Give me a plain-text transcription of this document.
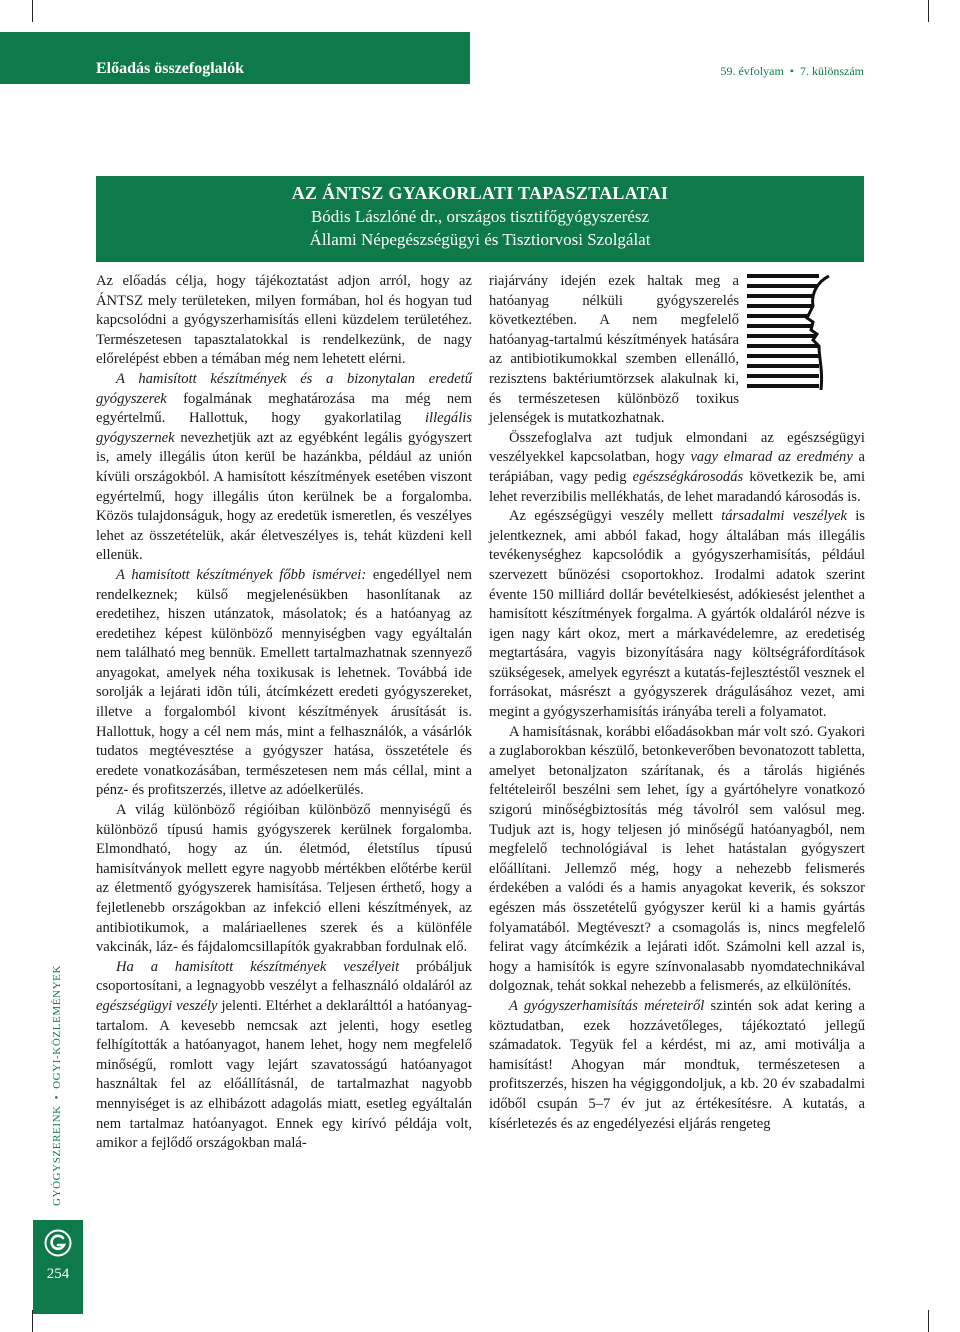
Előadás összefoglalók	59. évfolyam • 7. különszám
AZ ÁNTSZ GYAKORLATI TAPASZTALATAI
Bódis Lászlóné dr., országos tisztifőgyógyszerész
Állami Népegészségügyi és Tisztiorvosi Szolgálat

Az előadás célja, hogy tájékoztatást adjon arról, hogy az ÁNTSZ mely területeken, milyen formában, hol és hogyan tud kapcsolódni a gyógyszerhamisítás elleni küzdelem területéhez. Természetesen tapasztalatokkal is rendelkezünk, de nagy előrelépést ebben a témában még nem lehetett elérni.

A hamisított készítmények és a bizonytalan eredetű gyógyszerek fogalmának meghatározása ma még nem egyértelmű. Hallottuk, hogy gyakorlatilag illegális gyógyszernek nevezhetjük azt az egyébként legális gyógyszert is, amely illegális úton kerül be hazánkba, például az unión kívüli országokból. A hamisított készítmények esetében viszont egyértelmű, hogy illegális úton kerülnek be a forgalomba. Közös tulajdonságuk, hogy az eredetük ismeretlen, és veszélyes lehet az összetételük, akár életveszélyes is, tehát küzdeni kell ellenük.

A hamisított készítmények főbb ismérvei: engedéllyel nem rendelkeznek; külső megjelenésükben hasonlítanak az eredetihez, hiszen utánzatok, másolatok; és a hatóanyag az eredetihez képest különböző mennyiségben vagy egyáltalán nem található meg bennük. Emellett tartalmazhatnak szennyező anyagokat, amelyek néha toxikusak is lehetnek. Továbbá ide sorolják a lejárati idõn túli, átcímkézett eredeti gyógyszereket, illetve a forgalomból kivont készítmények árusítását is. Hallottuk, hogy a cél nem más, mint a felhasználók, a vásárlók tudatos megtévesztése a gyógyszer hatása, összetétele és eredete vonatkozásában, természetesen nem más céllal, mint a pénz- és profitszerzés, illetve az adóelkerülés.

A világ különböző régióiban különböző mennyiségű és különböző típusú hamis gyógyszerek kerülnek forgalomba. Elmondható, hogy az ún. életmód, életstílus típusú hamisítványok mellett egyre nagyobb mértékben előtérbe kerül az életmentő gyógyszerek hamisítása. Teljesen érthető, hogy a fejletlenebb országokban az infekció elleni készítmények, az antibiotikumok, a maláriaellenes szerek és a különféle vakcinák, láz- és fájdalomcsillapítók gyakrabban fordulnak elő.

Ha a hamisított készítmények veszélyeit próbáljuk csoportosítani, a legnagyobb veszélyt a felhasználó oldaláról az egészségügyi veszély jelenti. Eltérhet a deklarálttól a hatóanyag-tartalom. A kevesebb nemcsak azt jelenti, hogy esetleg felhígították a hatóanyagot, hanem lehet, hogy nem megfelelő minőségű, romlott vagy lejárt szavatosságú hatóanyagot használtak fel az előállításnál, de tartalmazhat nagyobb mennyiséget is az elhibázott adagolás miatt, esetleg egyáltalán nem tartalmaz hatóanyagot. Ennek egy kirívó példája volt, amikor a fejlődő országokban malá-

riajárvány idején ezek haltak meg a hatóanyag nélküli gyógyszerelés következtében. A nem megfelelő hatóanyag-tartalmú készítmények hatására az antibiotikumokkal szemben ellenálló, rezisztens baktériumtörzsek alakulnak ki, és természetesen különböző toxikus jelenségek is mutatkozhatnak.

Összefoglalva azt tudjuk elmondani az egészségügyi veszélyekkel kapcsolatban, hogy vagy elmarad az eredmény a terápiában, vagy pedig egészségkárosodás következik be, ami lehet reverzibilis mellékhatás, de lehet maradandó károsodás is.

Az egészségügyi veszély mellett társadalmi veszélyek is jelentkeznek, ami abból fakad, hogy általában más illegális tevékenységhez kapcsolódik a gyógyszerhamisítás, például szervezett bűnözési csoportokhoz. Irodalmi adatok szerint évente 150 milliárd dollár bevételkiesést, adókiesést jelenthet a hamisított készítmények forgalma. A gyártók oldaláról nézve is igen nagy kárt okoz, mert a márkavédelemre, az eredetiség megtartására, vagyis bizonyítására nagy költségráfordítások szükségesek, amelyek egyrészt a kutatás-fejlesztéstől vesznek el forrásokat, másrészt a gyógyszerek drágulásához vezet, ami megint a gyógyszerhamisítás irányába tereli a folyamatot.

A hamisításnak, korábbi előadásokban már volt szó. Gyakori a zuglaborokban készülő, betonkeverőben bevonatozott tabletta, amelyet betonaljzaton szárítanak, és a tárolás higiénés feltételeiről beszélni sem lehet, így a gyártóhelyre vonatkozó szigorú minőségbiztosítás még távolról sem valósul meg. Tudjuk azt is, hogy teljesen jó minőségű hatóanyagból, nem megfelelő technológiával is lehet hatástalan gyógyszert előállítani. Jellemző még, hogy a nehezebb felismerés érdekében a valódi és a hamis anyagokat keverik, és sokszor egészen más összetételű gyógyszer kerül ki a hamis gyártás folyamatából. Megtéveszt? a csomagolás is, nincs megfelelő felirat vagy átcímkézik a lejárati időt. Számolni kell azzal is, hogy a hamisítók is egyre színvonalasabb nyomdatechnikával dolgoznak, tehát sokkal nehezebb a felismerés, az elkülönítés.

A gyógyszerhamisítás méreteiről szintén sok adat kering a köztudatban, ezek hozzávetőleges, tájékoztató jellegű számadatok. Tegyük fel a kérdést, mi az, ami motiválja a hamisítást! Ahogyan már mondtuk, természetesen a profitszerzés, hiszen ha végiggondoljuk, a kb. 20 év szabadalmi időből csupán 5–7 év jut az értékesítésre. A kutatás, a kísérletezés és az engedélyezési eljárás rengeteg

GYÓGYSZEREINK•OGYI-KÖZLEMÉNYEK
254
